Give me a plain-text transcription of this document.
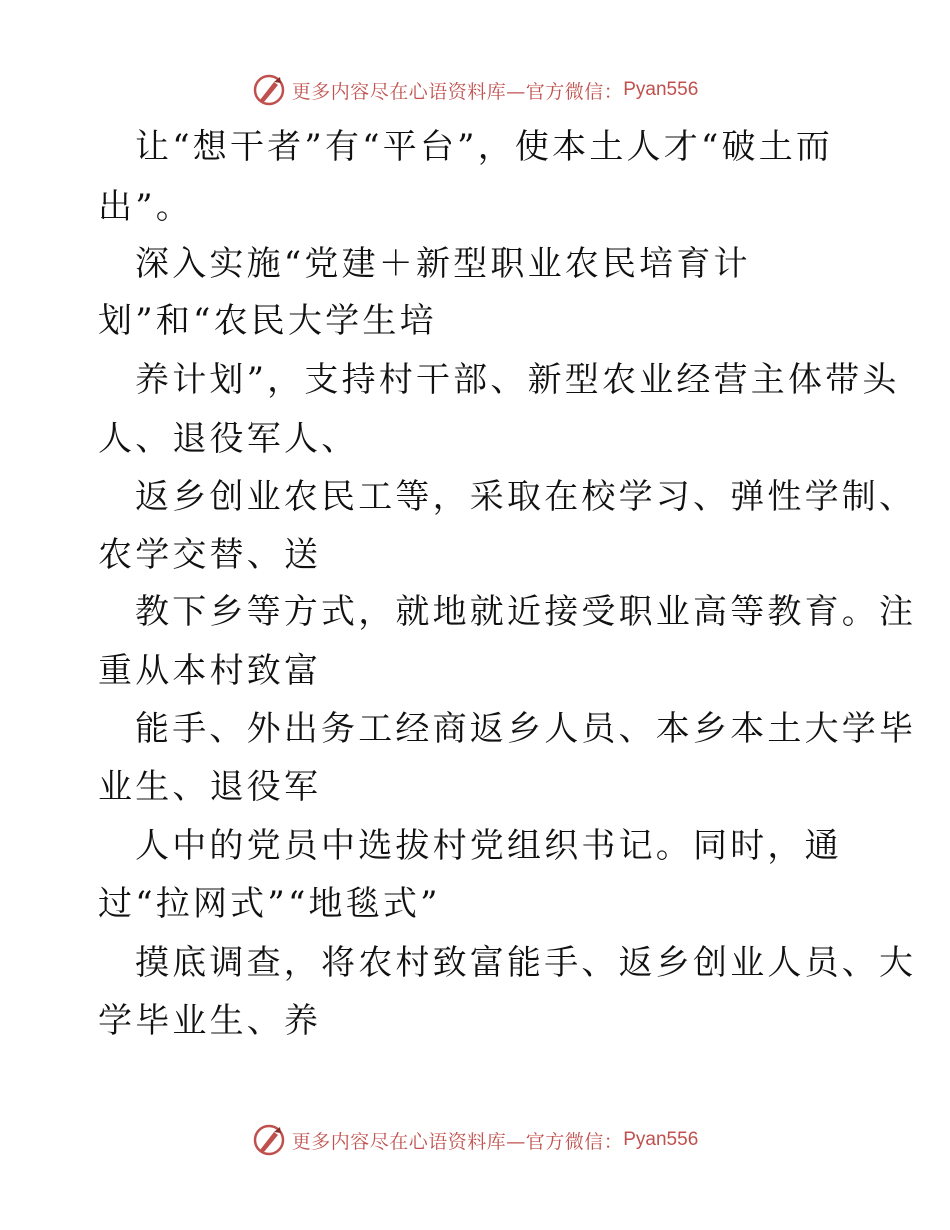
更多内容尽在心语资料库—官方微信： Pyan556
让“想干者”有“平台”，使本土人才“破土而
出”。
深入实施“党建＋新型职业农民培育计
划”和“农民大学生培
养计划”，支持村干部、新型农业经营主体带头
人、退役军人、
返乡创业农民工等，采取在校学习、弹性学制、
农学交替、送
教下乡等方式，就地就近接受职业高等教育。注
重从本村致富
能手、外出务工经商返乡人员、本乡本土大学毕
业生、退役军
人中的党员中选拔村党组织书记。同时，通
过“拉网式”“地毯式”
摸底调查，将农村致富能手、返乡创业人员、大
学毕业生、养
更多内容尽在心语资料库—官方微信： Pyan556
